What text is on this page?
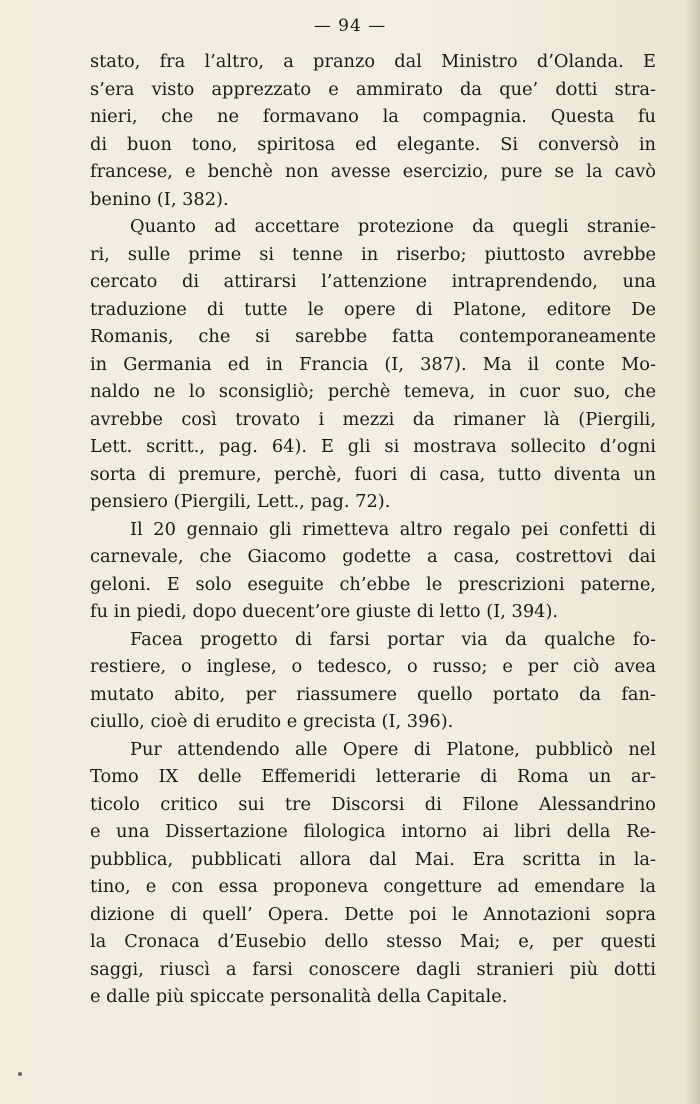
— 94 —
stato, fra l’altro, a pranzo dal Ministro d’Olanda. E
s’era visto apprezzato e ammirato da que’ dotti stra-
nieri, che ne formavano la compagnia. Questa fu
di buon tono, spiritosa ed elegante. Si conversò in
francese, e benchè non avesse esercizio, pure se la cavò
benino (I, 382).
Quanto ad accettare protezione da quegli stranie-
ri, sulle prime si tenne in riserbo; piuttosto avrebbe
cercato di attirarsi l’attenzione intraprendendo, una
traduzione di tutte le opere di Platone, editore De
Romanis, che si sarebbe fatta contemporaneamente
in Germania ed in Francia (I, 387). Ma il conte Mo-
naldo ne lo sconsigliò; perchè temeva, in cuor suo, che
avrebbe così trovato i mezzi da rimaner là (Piergili,
Lett. scritt., pag. 64). E gli si mostrava sollecito d’ogni
sorta di premure, perchè, fuori di casa, tutto diventa un
pensiero (Piergili, Lett., pag. 72).
Il 20 gennaio gli rimetteva altro regalo pei confetti di
carnevale, che Giacomo godette a casa, costrettovi dai
geloni. E solo eseguite ch’ebbe le prescrizioni paterne,
fu in piedi, dopo duecent’ore giuste di letto (I, 394).
Facea progetto di farsi portar via da qualche fo-
restiere, o inglese, o tedesco, o russo; e per ciò avea
mutato abito, per riassumere quello portato da fan-
ciullo, cioè di erudito e grecista (I, 396).
Pur attendendo alle Opere di Platone, pubblicò nel
Tomo IX delle Effemeridi letterarie di Roma un ar-
ticolo critico sui tre Discorsi di Filone Alessandrino
e una Dissertazione filologica intorno ai libri della Re-
pubblica, pubblicati allora dal Mai. Era scritta in la-
tino, e con essa proponeva congetture ad emendare la
dizione di quell’ Opera. Dette poi le Annotazioni sopra
la Cronaca d’Eusebio dello stesso Mai; e, per questi
saggi, riuscì a farsi conoscere dagli stranieri più dotti
e dalle più spiccate personalità della Capitale.
